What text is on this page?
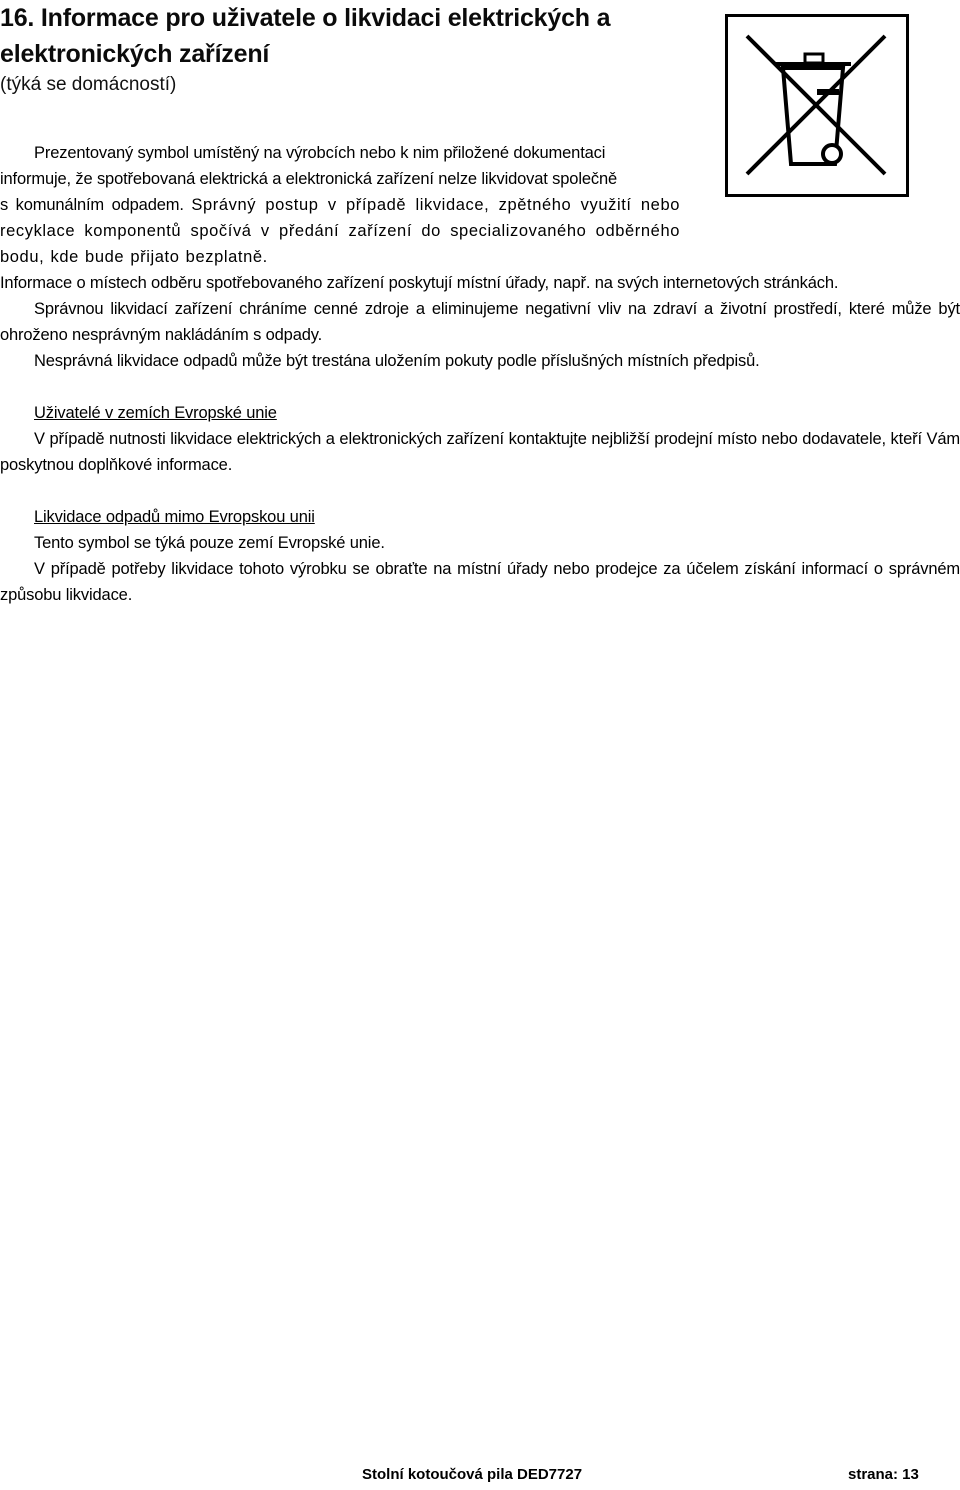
16. Informace pro uživatele o likvidaci elektrických a elektronických zařízení
(týká se domácností)

Prezentovaný symbol umístěný na výrobcích nebo k nim přiložené dokumentaci

informuje, že spotřebovaná elektrická a elektronická zařízení nelze likvidovat společně

s komunálním odpadem. Správný postup v případě likvidace, zpětného využití nebo recyklace komponentů spočívá v předání zařízení do specializovaného odběrného bodu, kde bude přijato bezplatně.

Informace o místech odběru spotřebovaného zařízení poskytují místní úřady, např. na svých internetových stránkách.

Správnou likvidací zařízení chráníme cenné zdroje a eliminujeme negativní vliv na zdraví a životní prostředí, které může být ohroženo nesprávným nakládáním s odpady.

Nesprávná likvidace odpadů může být trestána uložením pokuty podle příslušných místních předpisů.

Uživatelé v zemích Evropské unie

V případě nutnosti likvidace elektrických a elektronických zařízení kontaktujte nejbližší prodejní místo nebo dodavatele, kteří Vám poskytnou doplňkové informace.

Likvidace odpadů mimo Evropskou unii

Tento symbol se týká pouze zemí Evropské unie.

V případě potřeby likvidace tohoto výrobku se obraťte na místní úřady nebo prodejce za účelem získání informací o správném způsobu likvidace.

Stolní kotoučová pila DED7727	strana: 13
